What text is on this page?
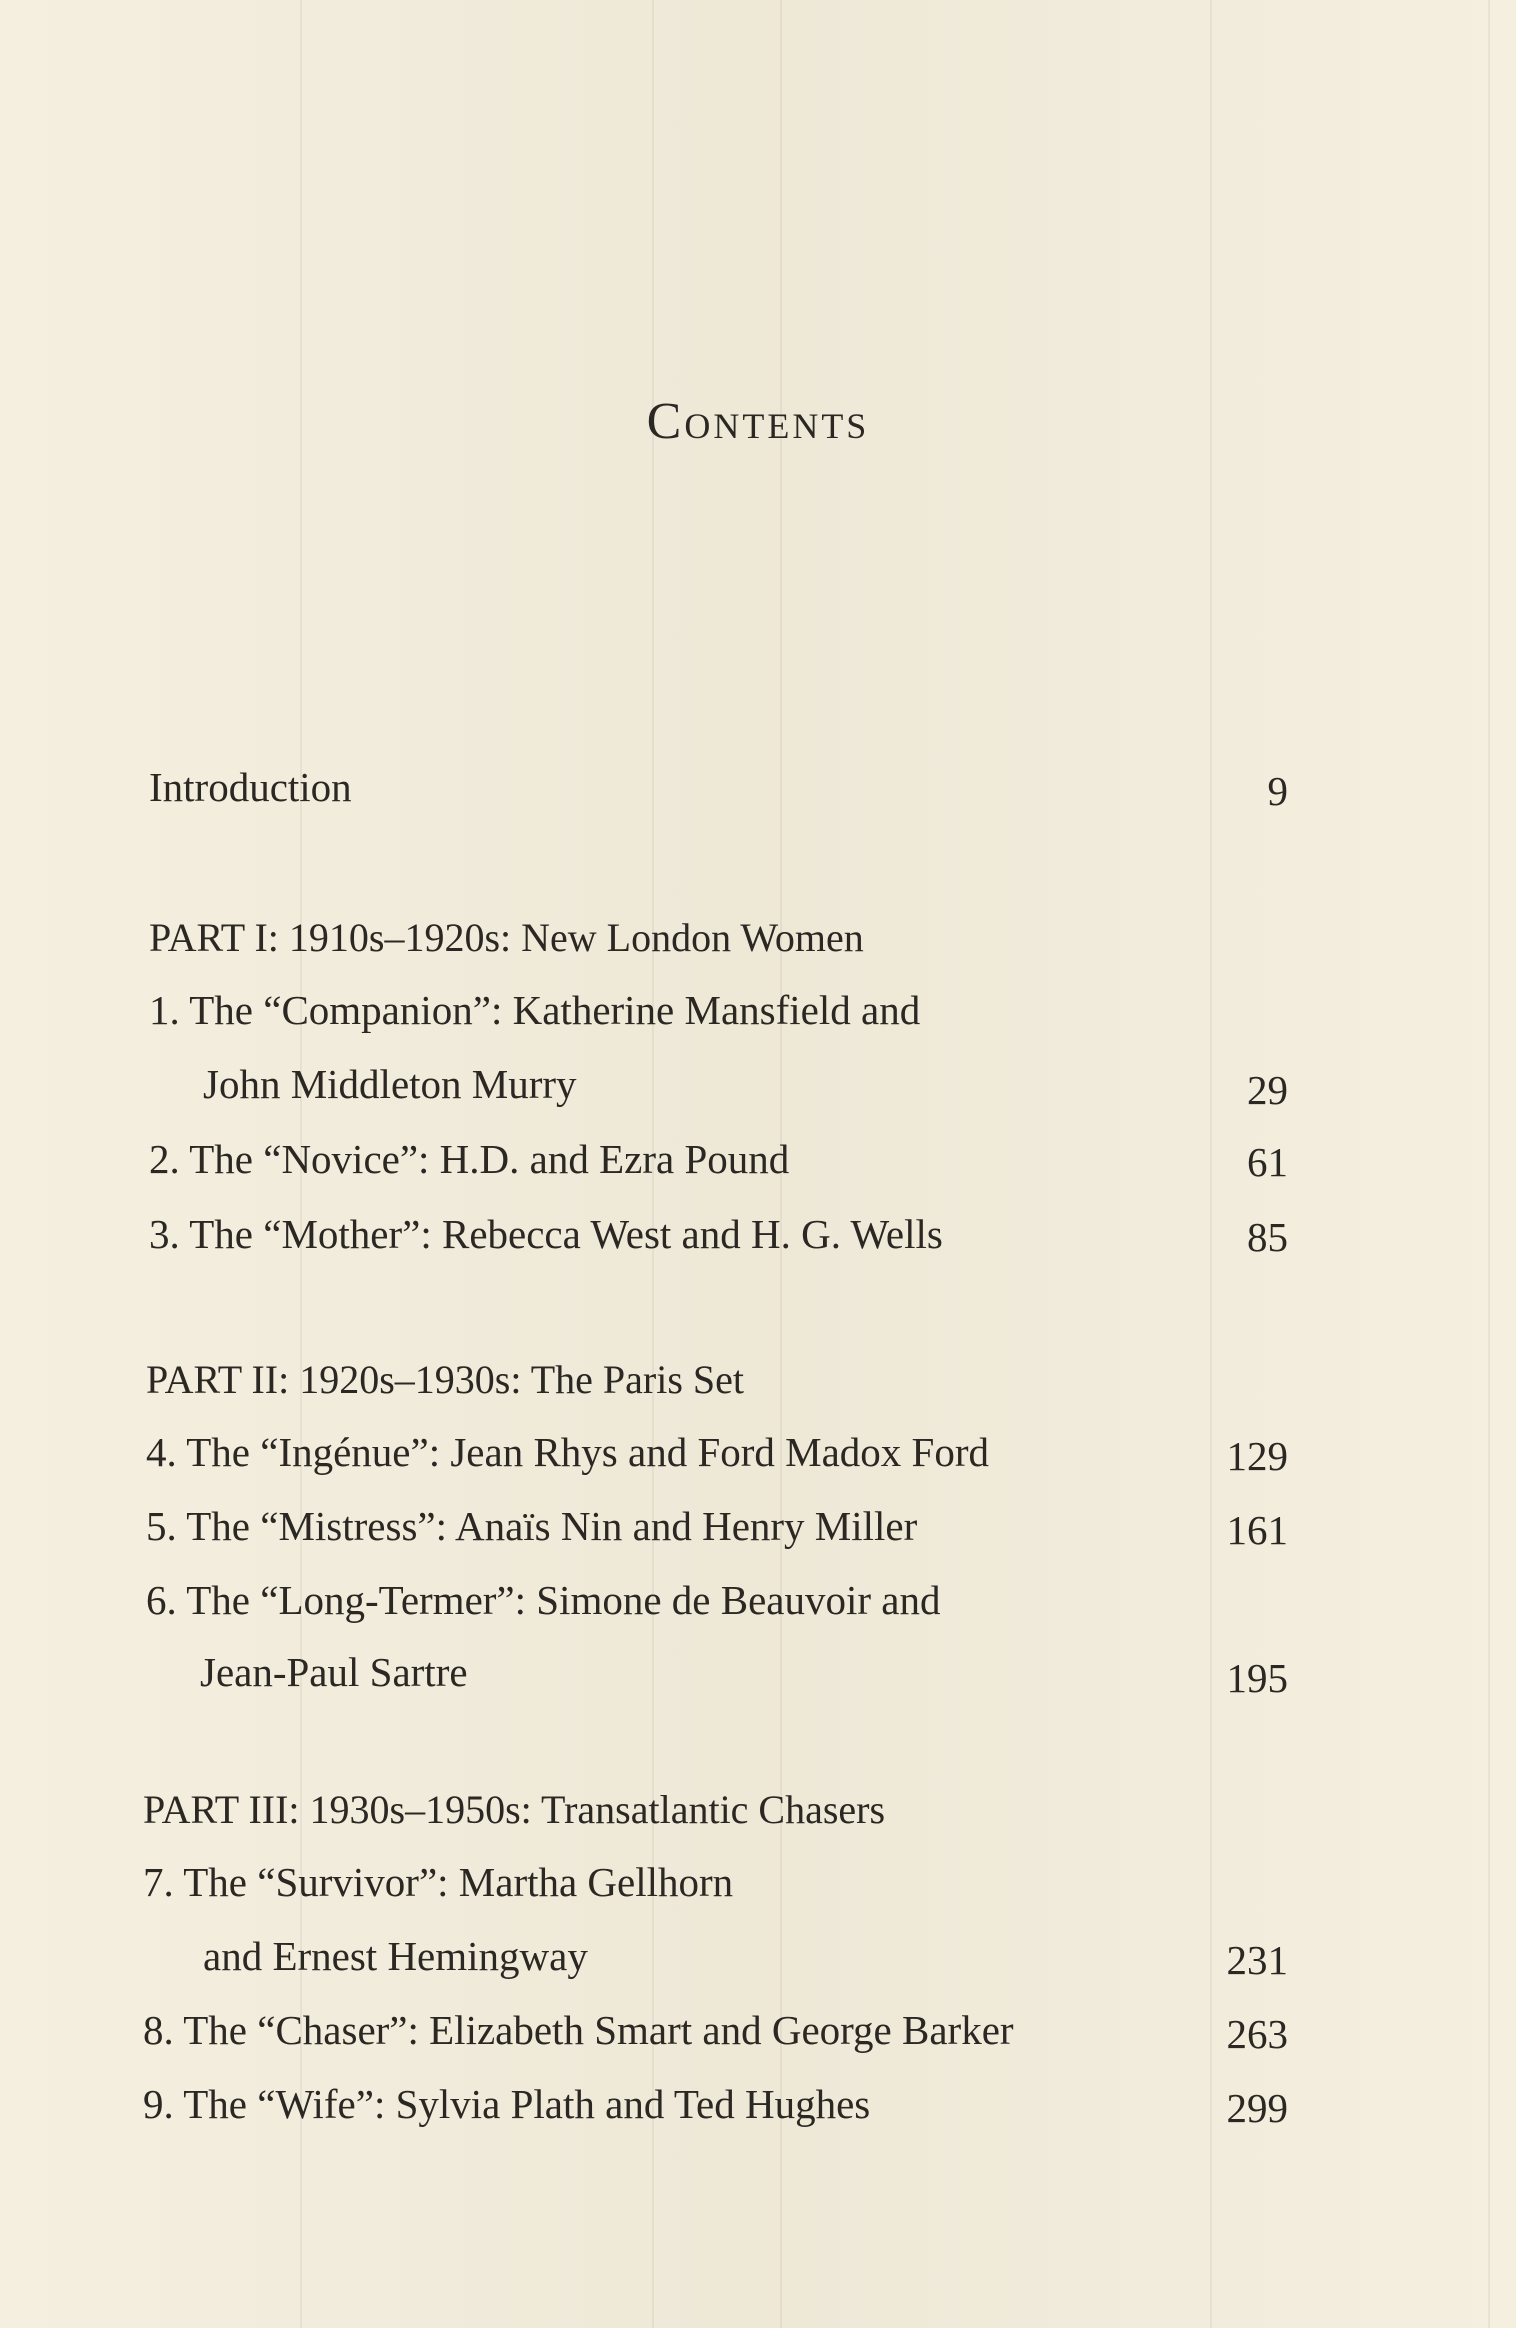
Contents
Introduction	9
PART I: 1910s–1920s: New London Women
1. The “Companion”: Katherine Mansfield and
John Middleton Murry	29
2. The “Novice”: H.D. and Ezra Pound	61
3. The “Mother”: Rebecca West and H. G. Wells	85
PART II: 1920s–1930s: The Paris Set
4. The “Ingénue”: Jean Rhys and Ford Madox Ford	129
5. The “Mistress”: Anaïs Nin and Henry Miller	161
6. The “Long-Termer”: Simone de Beauvoir and
Jean-Paul Sartre	195
PART III: 1930s–1950s: Transatlantic Chasers
7. The “Survivor”: Martha Gellhorn
and Ernest Hemingway	231
8. The “Chaser”: Elizabeth Smart and George Barker	263
9. The “Wife”: Sylvia Plath and Ted Hughes	299
